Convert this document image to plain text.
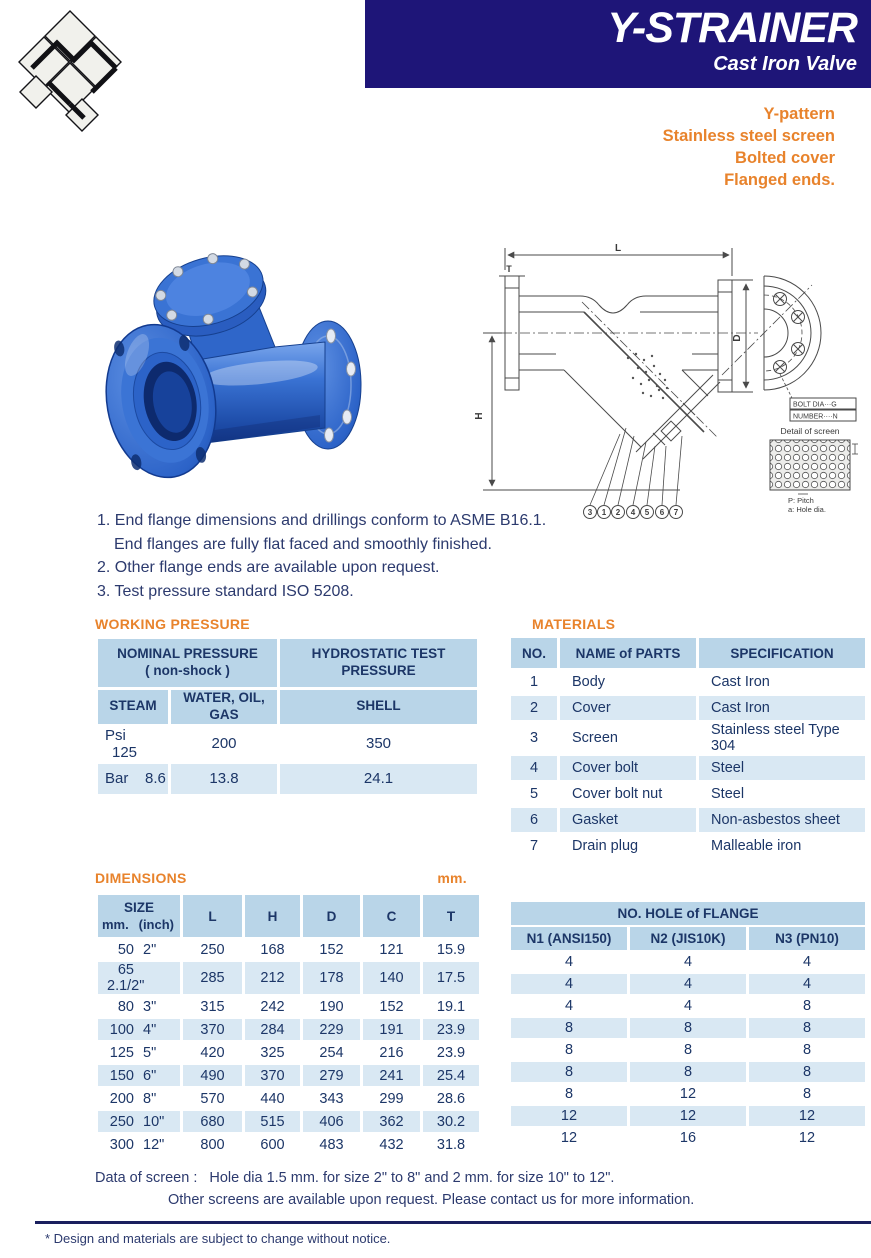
Y-STRAINER
Cast Iron Valve
Y-pattern
Stainless steel screen
Bolted cover
Flanged ends.
L
T
H
D
BOLT DIA···G
NUMBER····N
Detail of screen
P: Pitch
a: Hole dia.
3 1 2 4 5 6 7
1. End flange dimensions and drillings conform to ASME B16.1.
End flanges are fully flat faced and smoothly finished.
2. Other flange ends are available upon request.
3. Test pressure standard ISO 5208.
WORKING PRESSURE
NOMINAL PRESSURE
( non-shock )		HYDROSTATIC TEST PRESSURE
STEAM	WATER, OIL, GAS	SHELL
Psi125	200	350
Bar 8.6	13.8	24.1
MATERIALS
NO.	NAME of PARTS	SPECIFICATION
1	Body	Cast Iron
2	Cover	Cast Iron
3	Screen	Stainless steel Type 304
4	Cover bolt	Steel
5	Cover bolt nut	Steel
6	Gasket	Non-asbestos sheet
7	Drain plug	Malleable iron
DIMENSIONS	mm.
SIZE
mm. (inch)	L	H	D	C	T
50 2"	250	168	152	121	15.9
652.1/2"	285	212	178	140	17.5
80 3"	315	242	190	152	19.1
100 4"	370	284	229	191	23.9
125 5"	420	325	254	216	23.9
150 6"	490	370	279	241	25.4
200 8"	570	440	343	299	28.6
250 10"	680	515	406	362	30.2
300 12"	800	600	483	432	31.8
NO. HOLE of FLANGE		
N1 (ANSI150)	N2 (JIS10K)	N3 (PN10)
4	4	4
4	4	4
4	4	8
8	8	8
8	8	8
8	8	8
8	12	8
12	12	12
12	16	12
Data of screen : Hole dia 1.5 mm. for size 2" to 8" and 2 mm. for size 10" to 12".
Other screens are available upon request. Please contact us for more information.
* Design and materials are subject to change without notice.
